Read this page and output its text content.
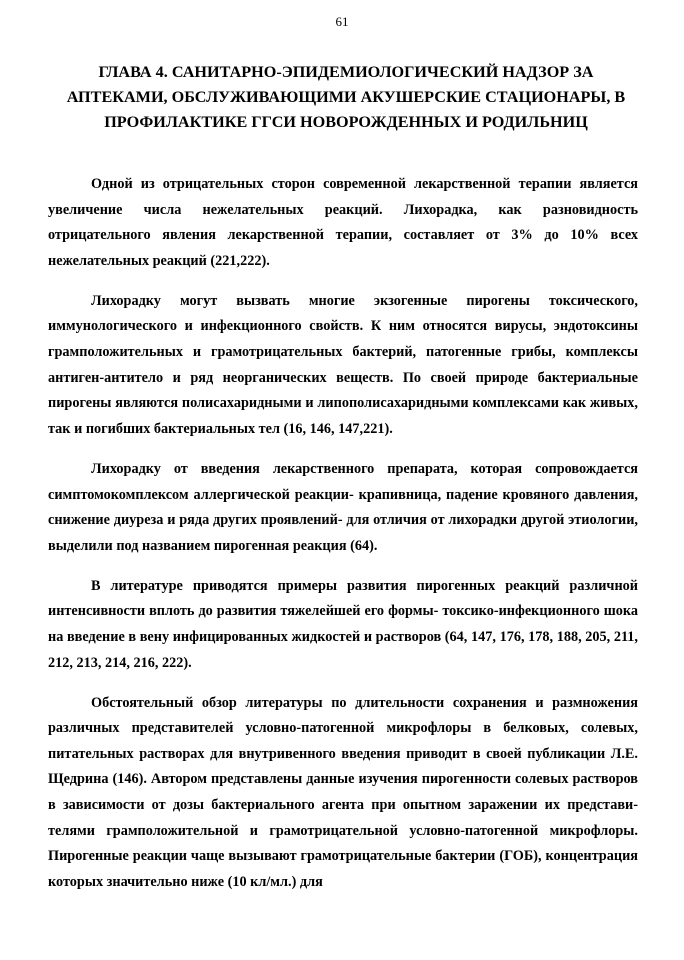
61
ГЛАВА 4. САНИТАРНО-ЭПИДЕМИОЛОГИЧЕСКИЙ НАДЗОР ЗА АПТЕКАМИ, ОБСЛУЖИВАЮЩИМИ АКУШЕРСКИЕ СТАЦИОНАРЫ, В ПРОФИЛАКТИКЕ ГГСИ НОВОРОЖДЕННЫХ И РОДИЛЬНИЦ

Одной из отрицательных сторон современной лекарственной терапии является увеличение числа нежелательных реакций. Лихорадка, как разновидность отрицательного явления лекарственной терапии, составляет от 3% до 10% всех нежелательных реакций (221,222).

Лихорадку могут вызвать многие экзогенные пирогены токсического, иммунологического и инфекционного свойств. К ним относятся вирусы, эндотоксины грамположительных и грамотрицательных бактерий, патогенные грибы, комплексы антиген-антитело и ряд неорганических веществ. По своей природе бактериальные пирогены являются полисахаридными и липополисахаридными комплексами как живых, так и погибших бактериальных тел (16, 146, 147,221).

Лихорадку от введения лекарственного препарата, которая сопровождается симптомокомплексом аллергической реакции- крапивница, падение кровяного давления, снижение диуреза и ряда других проявлений- для отличия от лихорадки другой этиологии, выделили под названием пирогенная реакция (64).

В литературе приводятся примеры развития пирогенных реакций различной интенсивности вплоть до развития тяжелейшей его формы- токсико-инфекционного шока на введение в вену инфицированных жидкостей и растворов (64, 147, 176, 178, 188, 205, 211, 212, 213, 214, 216, 222).

Обстоятельный обзор литературы по длительности сохранения и размножения различных представителей условно-патогенной микрофлоры в белковых, солевых, питательных растворах для внутривенного введения приводит в своей публикации Л.Е. Щедрина (146). Автором представлены данные изучения пирогенности солевых растворов в зависимости от дозы бактериального агента при опытном заражении их представителями грамположительной и грамотрицательной условно-патогенной микрофлоры. Пирогенные реакции чаще вызывают грамотрицательные бактерии (ГОБ), концентрация которых значительно ниже (10 кл/мл.) для
